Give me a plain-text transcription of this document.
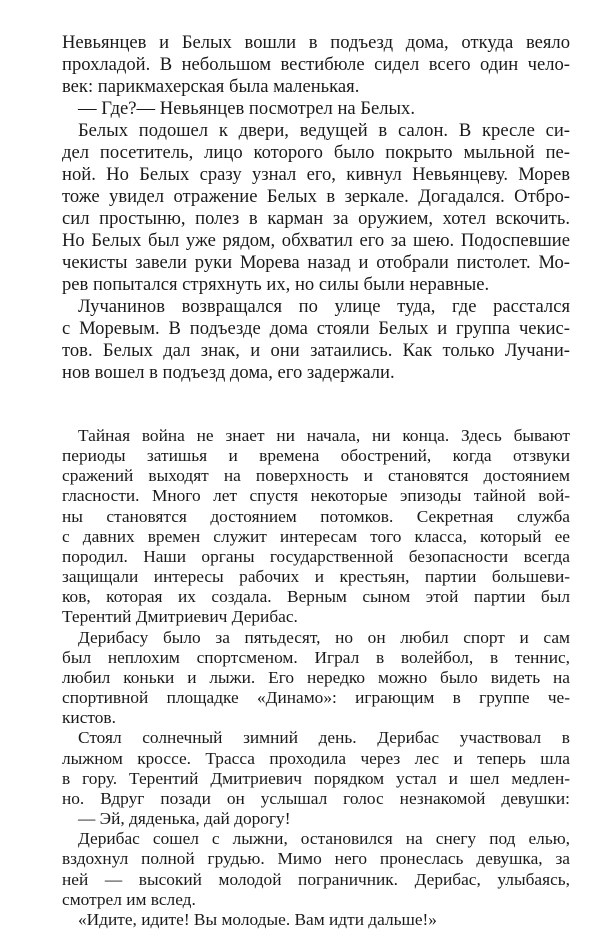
Невьянцев и Белых вошли в подъезд дома, откуда веяло
прохладой. В небольшом вестибюле сидел всего один чело-
век: парикмахерская была маленькая.
— Где?— Невьянцев посмотрел на Белых.
Белых подошел к двери, ведущей в салон. В кресле си-
дел посетитель, лицо которого было покрыто мыльной пе-
ной. Но Белых сразу узнал его, кивнул Невьянцеву. Морев
тоже увидел отражение Белых в зеркале. Догадался. Отбро-
сил простыню, полез в карман за оружием, хотел вскочить.
Но Белых был уже рядом, обхватил его за шею. Подоспевшие
чекисты завели руки Морева назад и отобрали пистолет. Мо-
рев попытался стряхнуть их, но силы были неравные.
Лучанинов возвращался по улице туда, где расстался
с Моревым. В подъезде дома стояли Белых и группа чекис-
тов. Белых дал знак, и они затаились. Как только Лучани-
нов вошел в подъезд дома, его задержали.
Тайная война не знает ни начала, ни конца. Здесь бывают
периоды затишья и времена обострений, когда отзвуки
сражений выходят на поверхность и становятся достоянием
гласности. Много лет спустя некоторые эпизоды тайной вой-
ны становятся достоянием потомков. Секретная служба
с давних времен служит интересам того класса, который ее
породил. Наши органы государственной безопасности всегда
защищали интересы рабочих и крестьян, партии большеви-
ков, которая их создала. Верным сыном этой партии был
Терентий Дмитриевич Дерибас.
Дерибасу было за пятьдесят, но он любил спорт и сам
был неплохим спортсменом. Играл в волейбол, в теннис,
любил коньки и лыжи. Его нередко можно было видеть на
спортивной площадке «Динамо»: играющим в группе че-
кистов.
Стоял солнечный зимний день. Дерибас участвовал в
лыжном кроссе. Трасса проходила через лес и теперь шла
в гору. Терентий Дмитриевич порядком устал и шел медлен-
но. Вдруг позади он услышал голос незнакомой девушки:
— Эй, дяденька, дай дорогу!
Дерибас сошел с лыжни, остановился на снегу под елью,
вздохнул полной грудью. Мимо него пронеслась девушка, за
ней — высокий молодой пограничник. Дерибас, улыбаясь,
смотрел им вслед.
«Идите, идите! Вы молодые. Вам идти дальше!»
